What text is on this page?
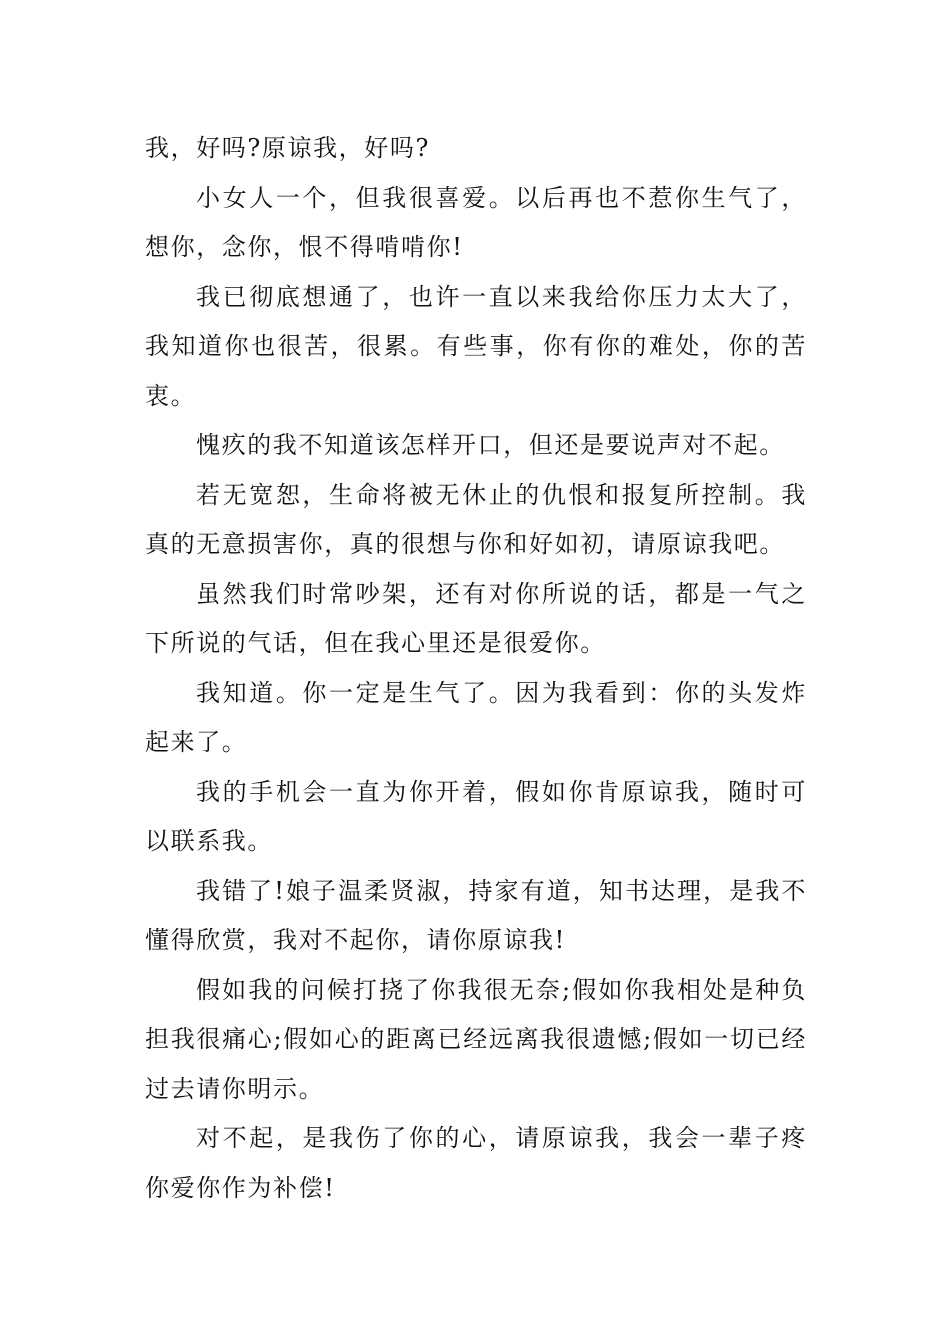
我，好吗?原谅我，好吗?

小女人一个，但我很喜爱。以后再也不惹你生气了，想你，念你，恨不得啃啃你!

我已彻底想通了，也许一直以来我给你压力太大了，我知道你也很苦，很累。有些事，你有你的难处，你的苦衷。

愧疚的我不知道该怎样开口，但还是要说声对不起。

若无宽恕，生命将被无休止的仇恨和报复所控制。我真的无意损害你，真的很想与你和好如初，请原谅我吧。

虽然我们时常吵架，还有对你所说的话，都是一气之下所说的气话，但在我心里还是很爱你。

我知道。你一定是生气了。因为我看到：你的头发炸起来了。

我的手机会一直为你开着，假如你肯原谅我，随时可以联系我。

我错了!娘子温柔贤淑，持家有道，知书达理，是我不懂得欣赏，我对不起你，请你原谅我!

假如我的问候打挠了你我很无奈;假如你我相处是种负担我很痛心;假如心的距离已经远离我很遗憾;假如一切已经过去请你明示。

对不起，是我伤了你的心，请原谅我，我会一辈子疼你爱你作为补偿!
